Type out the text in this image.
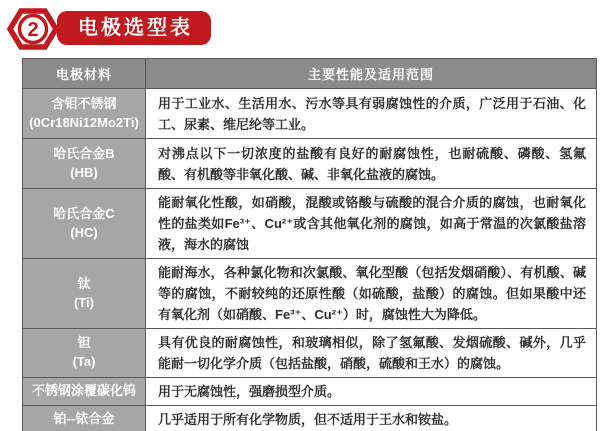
2 电极选型表
电极材料	主要性能及适用范围
含钼不锈钢
(0Cr18Ni12Mo2Ti)	用于工业水、生活用水、污水等具有弱腐蚀性的介质，广泛用于石油、化工、尿素、维尼纶等工业。
哈氏合金B
(HB)	对沸点以下一切浓度的盐酸有良好的耐腐蚀性，也耐硫酸、磷酸、氢氟酸、有机酸等非氧化酸、碱、非氧化盐液的腐蚀。
哈氏合金C
(HC)	能耐氧化性酸，如硝酸，混酸或铬酸与硫酸的混合介质的腐蚀，也耐氧化性的盐类如Fe³⁺、Cu²⁺或含其他氧化剂的腐蚀，如高于常温的次氯酸盐溶液，海水的腐蚀
钛
(Ti)	能耐海水，各种氯化物和次氯酸、氧化型酸（包括发烟硝酸）、有机酸、碱等的腐蚀，不耐较纯的还原性酸（如硫酸，盐酸）的腐蚀。但如果酸中还有氧化剂（如硝酸、Fe³⁺、Cu²⁺）时，腐蚀性大为降低。
钽
(Ta)	具有优良的耐腐蚀性，和玻璃相似，除了氢氟酸、发烟硫酸、碱外，几乎能耐一切化学介质（包括盐酸，硝酸，硫酸和王水）的腐蚀。
不锈钢涂覆碳化钨	用于无腐蚀性，强磨损型介质。
铂--铱合金	几乎适用于所有化学物质，但不适用于王水和铵盐。
